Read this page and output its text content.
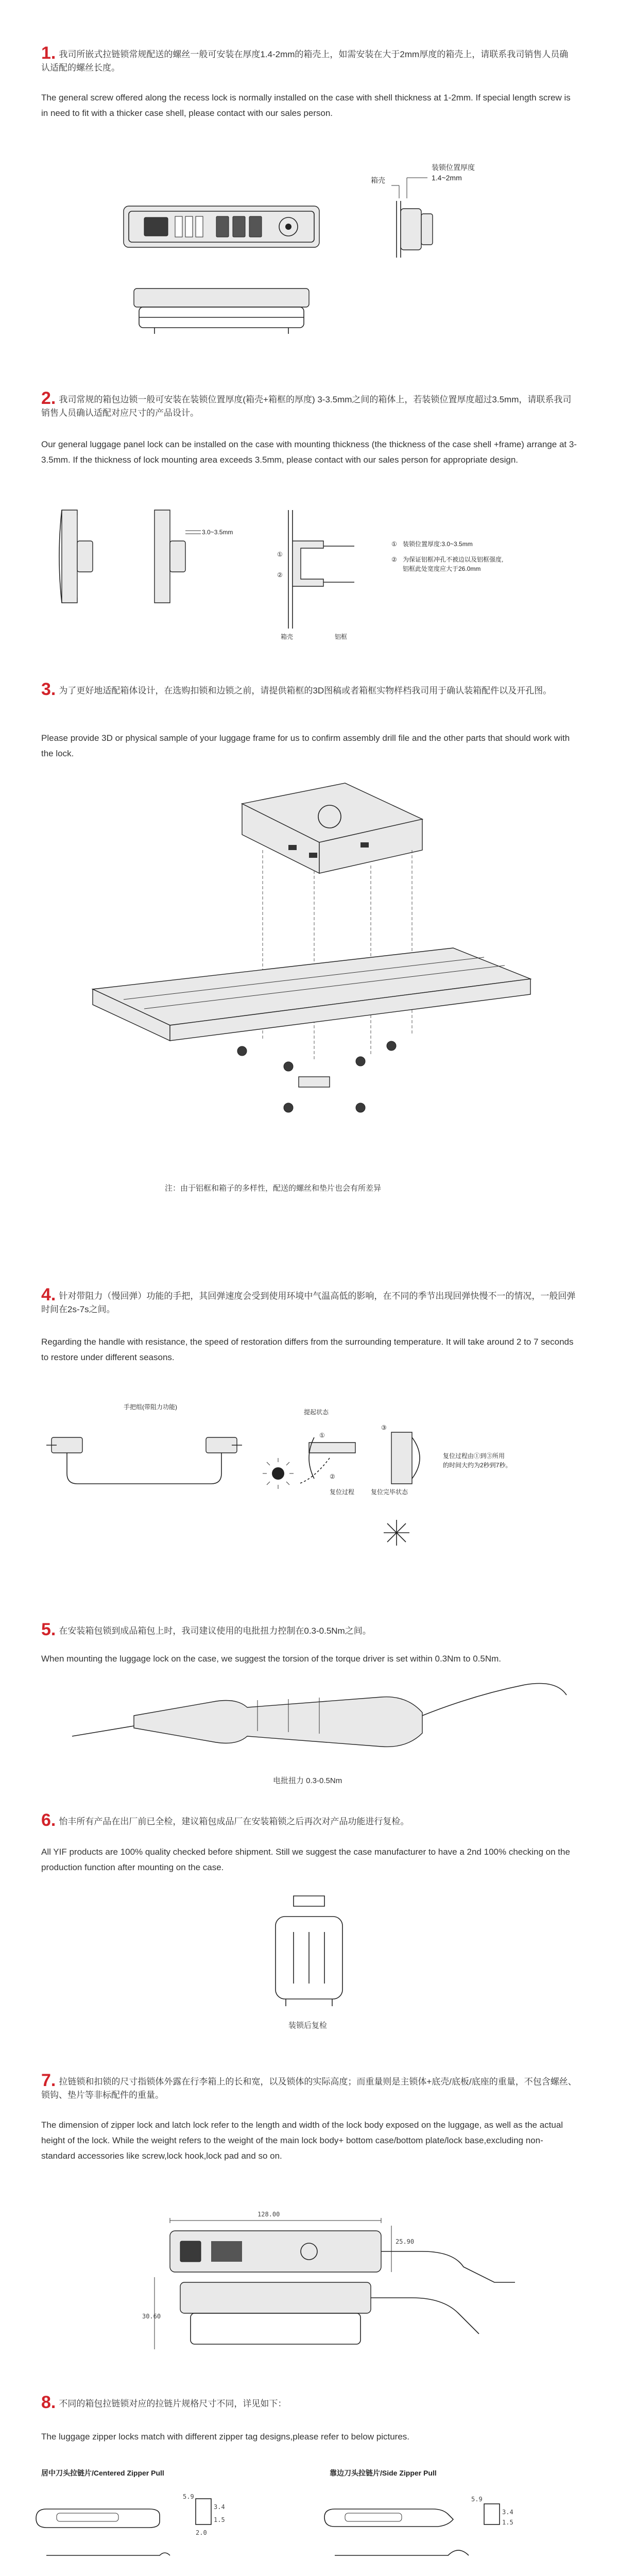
1. 我司所嵌式拉链锁常规配送的螺丝一般可安装在厚度1.4-2mm的箱壳上，如需安装在大于2mm厚度的箱壳上，请联系我司销售人员确认适配的螺丝长度。
The general screw offered along the recess lock is normally installed on the case with shell thickness at 1-2mm. If special length screw is in need to fit with a thicker case shell, please contact with our sales person.
箱壳
装锁位置厚度
1.4~2mm
2. 我司常规的箱包边锁一般可安装在装锁位置厚度(箱壳+箱框的厚度) 3-3.5mm之间的箱体上，若装锁位置厚度超过3.5mm，请联系我司销售人员确认适配对应尺寸的产品设计。
Our general luggage panel lock can be installed on the case with mounting thickness (the thickness of the case shell +frame) arrange at 3-3.5mm. If the thickness of lock mounting area exceeds 3.5mm, please contact with our sales person for appropriate design.
3.0~3.5mm
①
②
箱壳	铝框
① 装锁位置厚度:3.0~3.5mm
② 为保证铝框冲孔不被边以及铝框强度,
铝框此处宽度应大于26.0mm
3. 为了更好地适配箱体设计，在选购扣锁和边锁之前，请提供箱框的3D图稿或者箱框实物样档我司用于确认装箱配件以及开孔图。
Please provide 3D or physical sample of your luggage frame for us to confirm assembly drill file and the other parts that should work with the lock.
注：由于铝框和箱子的多样性，配送的螺丝和垫片也会有所差异
4. 针对带阻力（慢回弹）功能的手把，其回弹速度会受到使用环境中气温高低的影响，在不同的季节出现回弹快慢不一的情况，一般回弹时间在2s-7s之间。
Regarding the handle with resistance, the speed of restoration differs from the surrounding temperature. It will take around 2 to 7 seconds to restore under different seasons.
手把组(带阻力功能)
提起状态
①
②
复位过程
③
复位完毕状态
复位过程由①到③所用
的时间大约为2秒到7秒。
5. 在安装箱包锁到成品箱包上时，我司建议使用的电批扭力控制在0.3-0.5Nm之间。
When mounting the luggage lock on the case, we suggest the torsion of the torque driver is set within 0.3Nm to 0.5Nm.
电批扭力 0.3-0.5Nm
6. 怡丰所有产品在出厂前已全检，建议箱包成品厂在安装箱锁之后再次对产品功能进行复检。
All YIF products are 100% quality checked before shipment. Still we suggest the case manufacturer to have a 2nd 100% checking on the production function after mounting on the case.
装锁后复检
7. 拉链锁和扣锁的尺寸指锁体外露在行李箱上的长和宽，以及锁体的实际高度；而重量则是主锁体+底壳/底板/底座的重量，不包含螺丝、锁钩、垫片等非标配件的重量。
The dimension of zipper lock and latch lock refer to the length and width of the lock body exposed on the luggage, as well as the actual height of the lock. While the weight refers to the weight of the main lock body+ bottom case/bottom plate/lock base,excluding non-standard accessories like screw,lock hook,lock pad and so on.
128.00
25.90
30.60
8. 不同的箱包拉链锁对应的拉链片规格尺寸不同，详见如下：
The luggage zipper locks match with different zipper tag designs,please refer to below pictures.
居中刀头拉链片/Centered Zipper Pull	靠边刀头拉链片/Side Zipper Pull
5.9
3.4
1.5
2.0
5.9
3.4
1.5
